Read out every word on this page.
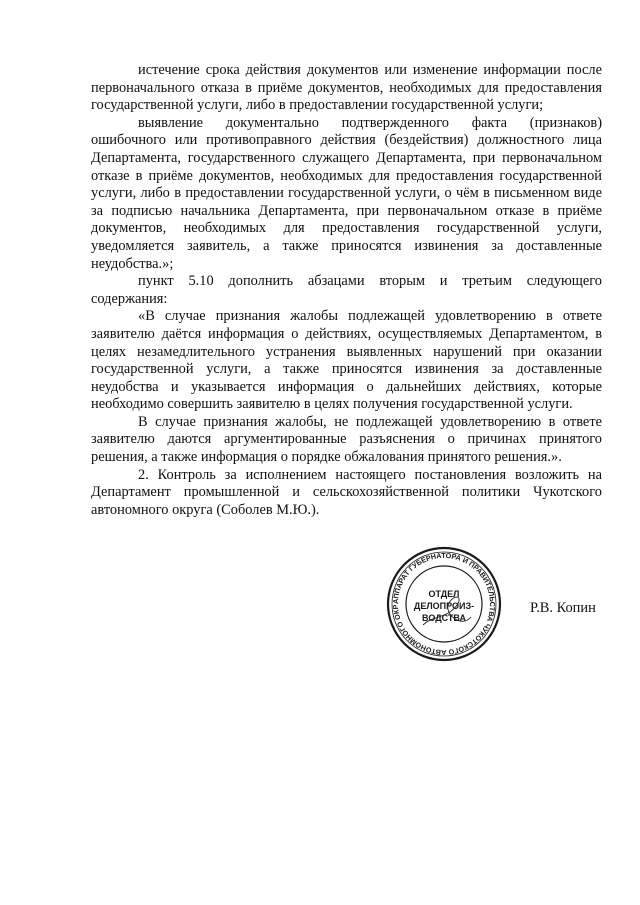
истечение срока действия документов или изменение информации после первоначального отказа в приёме документов, необходимых для предоставления государственной услуги, либо в предоставлении государственной услуги;

выявление документально подтвержденного факта (признаков) ошибочного или противоправного действия (бездействия) должностного лица

Департамента, государственного служащего Департамента, при первоначальном отказе в приёме документов, необходимых для предоставления государственной услуги, либо в предоставлении государственной услуги, о чём в письменном виде за подписью начальника Департамента, при первоначальном отказе в приёме документов, необходимых для предоставления государственной услуги, уведомляется заявитель, а также приносятся извинения за доставленные неудобства.»;

пункт 5.10 дополнить абзацами вторым и третьим следующего содержания:

«В случае признания жалобы подлежащей удовлетворению в ответе заявителю даётся информация о действиях, осуществляемых Департаментом, в целях незамедлительного устранения выявленных нарушений при оказании государственной услуги, а также приносятся извинения за доставленные неудобства и указывается информация о дальнейших действиях, которые необходимо совершить заявителю в целях получения государственной услуги.

В случае признания жалобы, не подлежащей удовлетворению в ответе заявителю даются аргументированные разъяснения о причинах принятого решения, а также информация о порядке обжалования принятого решения.».

2. Контроль за исполнением настоящего постановления возложить на Департамент промышленной и сельскохозяйственной политики Чукотского автономного округа (Соболев М.Ю.).

АППАРАТ ГУБЕРНАТОРА И ПРАВИТЕЛЬСТВА ЧУКОТСКОГО АВТОНОМНОГО ОКР
ОТДЕЛ
ДЕЛОПРОИЗ-
ВОДСТВА
Р.В. Копин
